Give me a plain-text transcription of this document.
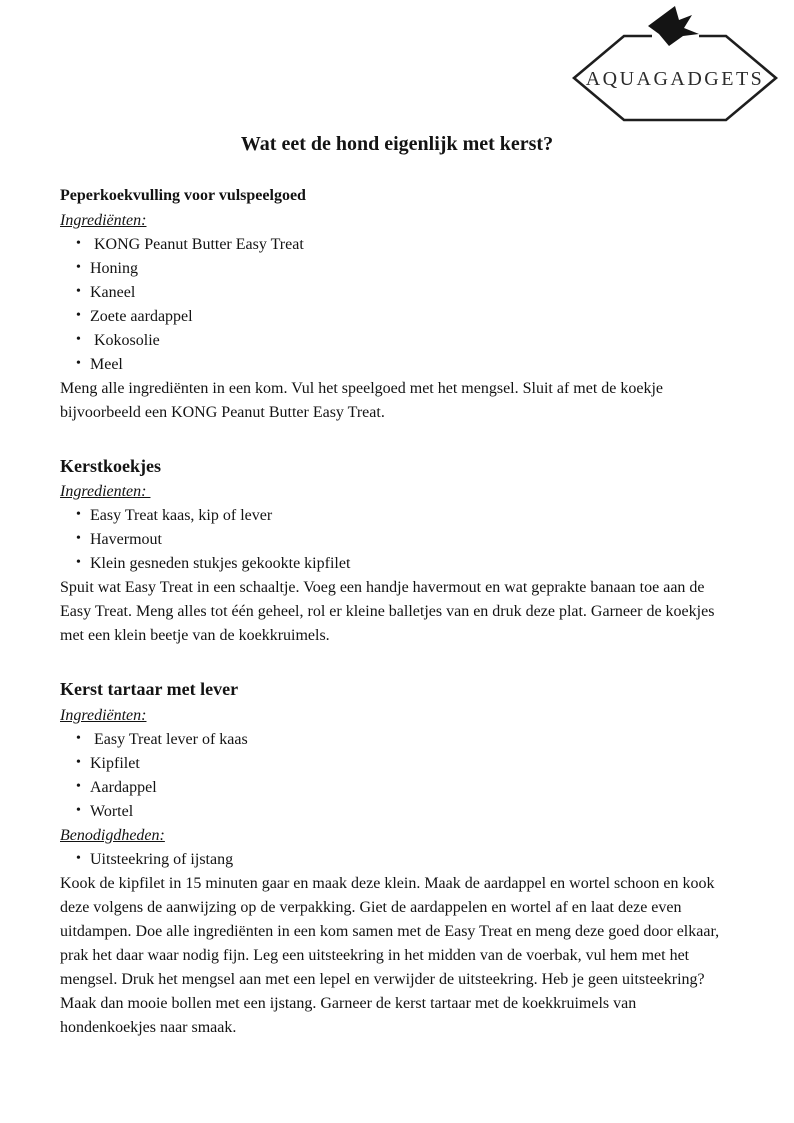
AQUAGADGETS
Wat eet de hond eigenlijk met kerst?
Peperkoekvulling voor vulspeelgoed

Ingrediënten:

•  KONG Peanut Butter Easy Treat
• Honing
• Kaneel
• Zoete aardappel
•  Kokosolie
• Meel

Meng alle ingrediënten in een kom. Vul het speelgoed met het mengsel. Sluit af met de koekje bijvoorbeeld een KONG Peanut Butter Easy Treat.

Kerstkoekjes

Ingredienten:

• Easy Treat kaas, kip of lever
• Havermout
• Klein gesneden stukjes gekookte kipfilet

Spuit wat Easy Treat in een schaaltje. Voeg een handje havermout en wat geprakte banaan toe aan de Easy Treat. Meng alles tot één geheel, rol er kleine balletjes van en druk deze plat. Garneer de koekjes met een klein beetje van de koekkruimels.

Kerst tartaar met lever

Ingrediënten:

•  Easy Treat lever of kaas
• Kipfilet
• Aardappel
• Wortel

Benodigdheden:

• Uitsteekring of ijstang

Kook de kipfilet in 15 minuten gaar en maak deze klein. Maak de aardappel en wortel schoon en kook deze volgens de aanwijzing op de verpakking. Giet de aardappelen en wortel af en laat deze even uitdampen. Doe alle ingrediënten in een kom samen met de Easy Treat en meng deze goed door elkaar, prak het daar waar nodig fijn. Leg een uitsteekring in het midden van de voerbak, vul hem met het mengsel. Druk het mengsel aan met een lepel en verwijder de uitsteekring. Heb je geen uitsteekring? Maak dan mooie bollen met een ijstang. Garneer de kerst tartaar met de koekkruimels van hondenkoekjes naar smaak.
